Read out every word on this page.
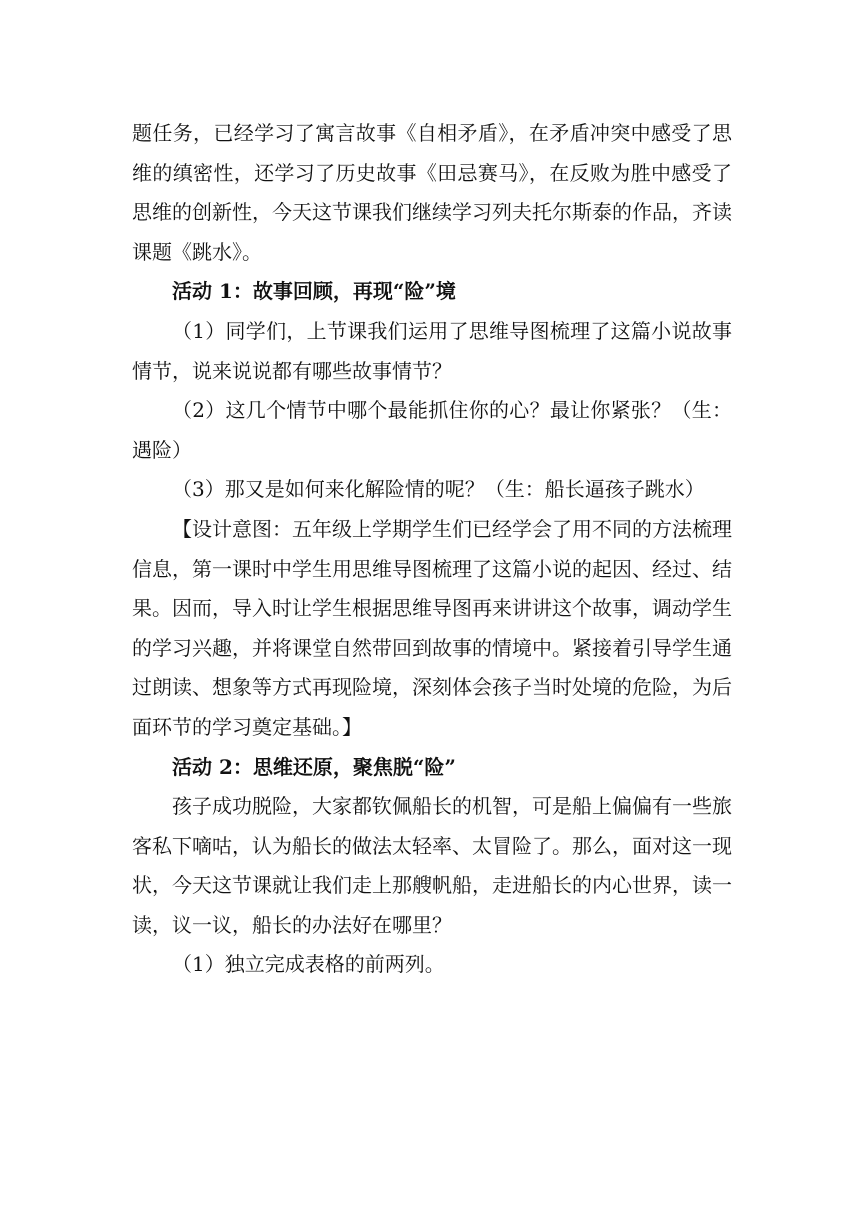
题任务，已经学习了寓言故事《自相矛盾》，在矛盾冲突中感受了思维的缜密性，还学习了历史故事《田忌赛马》，在反败为胜中感受了思维的创新性，今天这节课我们继续学习列夫托尔斯泰的作品，齐读课题《跳水》。

活动 1：故事回顾，再现“险”境

（1）同学们，上节课我们运用了思维导图梳理了这篇小说故事情节，说来说说都有哪些故事情节？

（2）这几个情节中哪个最能抓住你的心？最让你紧张？（生：遇险）

（3）那又是如何来化解险情的呢？（生：船长逼孩子跳水）

【设计意图：五年级上学期学生们已经学会了用不同的方法梳理信息，第一课时中学生用思维导图梳理了这篇小说的起因、经过、结果。因而，导入时让学生根据思维导图再来讲讲这个故事，调动学生的学习兴趣，并将课堂自然带回到故事的情境中。紧接着引导学生通过朗读、想象等方式再现险境，深刻体会孩子当时处境的危险，为后面环节的学习奠定基础。】

活动 2：思维还原，聚焦脱“险”

孩子成功脱险，大家都钦佩船长的机智，可是船上偏偏有一些旅客私下嘀咕，认为船长的做法太轻率、太冒险了。那么，面对这一现状，今天这节课就让我们走上那艘帆船，走进船长的内心世界，读一读，议一议，船长的办法好在哪里？

（1）独立完成表格的前两列。
